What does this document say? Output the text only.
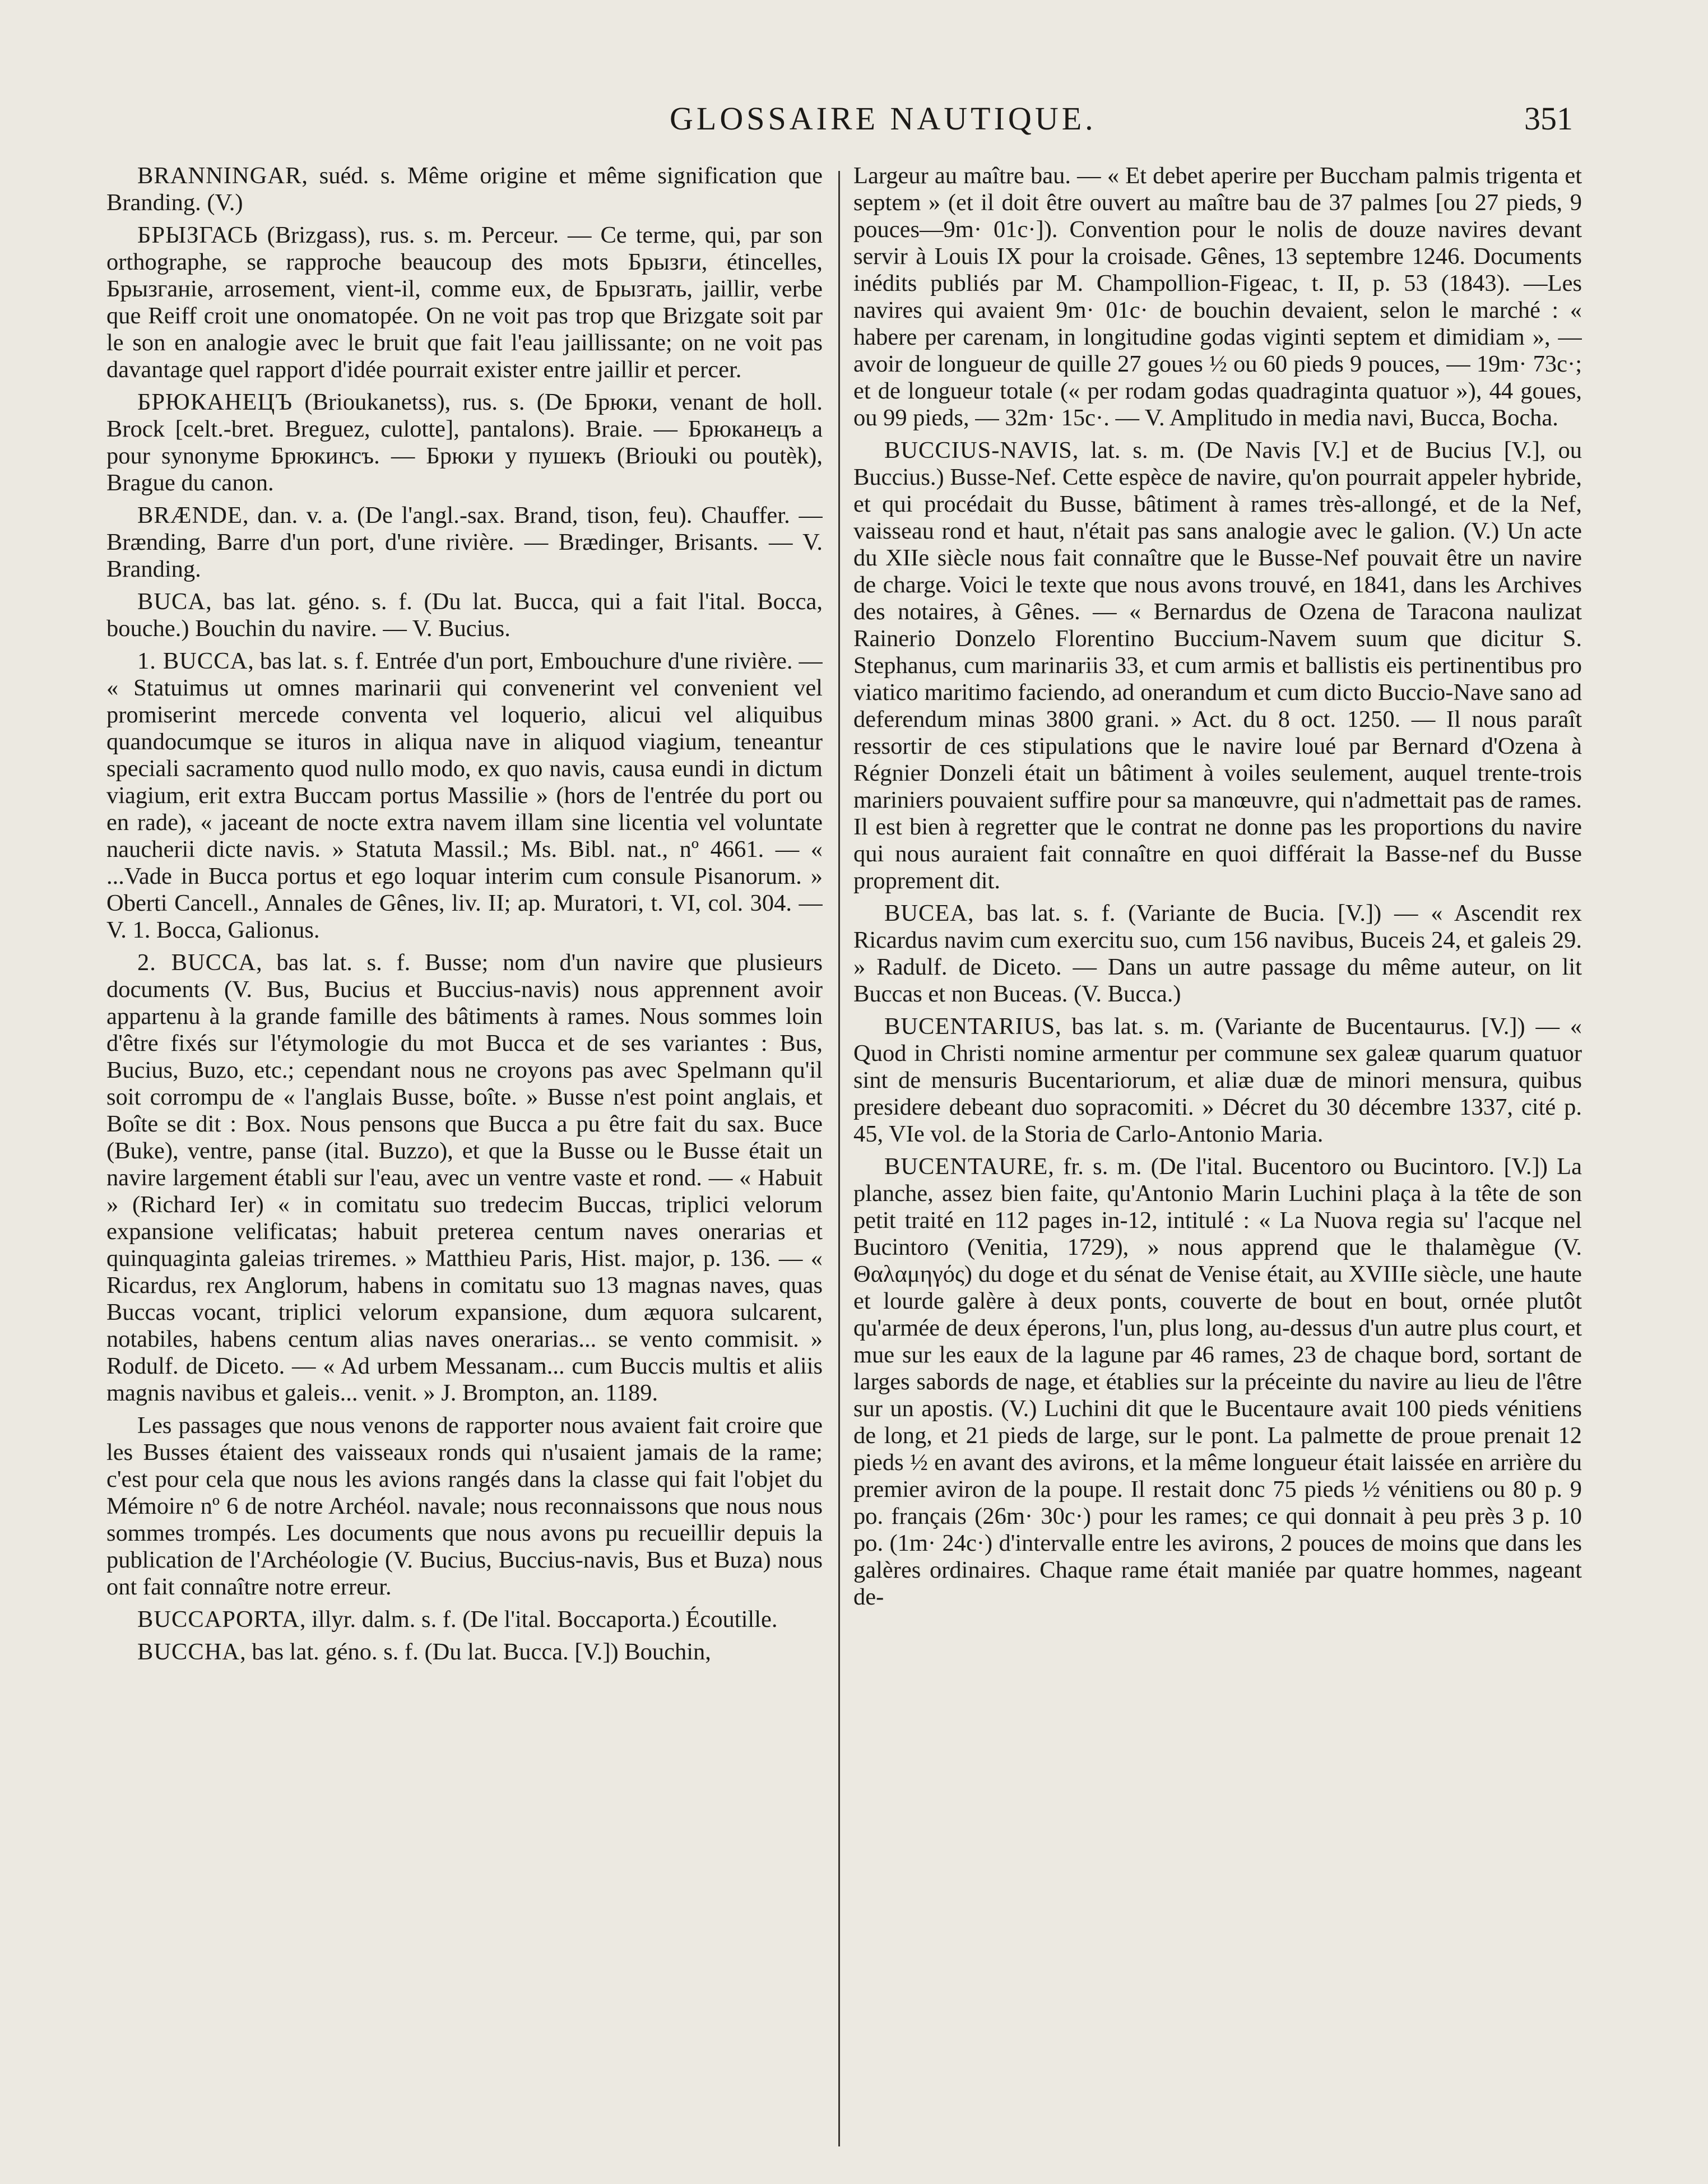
GLOSSAIRE NAUTIQUE.	351

BRANNINGAR, suéd. s. Même origine et même signification que Branding. (V.)

БРЫЗГАСЬ (Brizgass), rus. s. m. Perceur. — Ce terme, qui, par son orthographe, se rapproche beaucoup des mots Брызги, étincelles, Брызганіе, arrosement, vient-il, comme eux, de Брызгать, jaillir, verbe que Reiff croit une onomatopée. On ne voit pas trop que Brizgate soit par le son en analogie avec le bruit que fait l'eau jaillissante; on ne voit pas davantage quel rapport d'idée pourrait exister entre jaillir et percer.

БРЮКАНЕЦЪ (Brioukanetss), rus. s. (De Брюки, venant de holl. Brock [celt.-bret. Breguez, culotte], pantalons). Braie. — Брюканецъ a pour synonyme Брюкинсъ. — Брюки у пушекъ (Briouki ou poutèk), Brague du canon.

BRÆNDE, dan. v. a. (De l'angl.-sax. Brand, tison, feu). Chauffer. — Brænding, Barre d'un port, d'une rivière. — Brædinger, Brisants. — V. Branding.

BUCA, bas lat. géno. s. f. (Du lat. Bucca, qui a fait l'ital. Bocca, bouche.) Bouchin du navire. — V. Bucius.

1. BUCCA, bas lat. s. f. Entrée d'un port, Embouchure d'une rivière. — « Statuimus ut omnes marinarii qui convenerint vel convenient vel promiserint mercede conventa vel loquerio, alicui vel aliquibus quandocumque se ituros in aliqua nave in aliquod viagium, teneantur speciali sacramento quod nullo modo, ex quo navis, causa eundi in dictum viagium, erit extra Buccam portus Massilie » (hors de l'entrée du port ou en rade), « jaceant de nocte extra navem illam sine licentia vel voluntate naucherii dicte navis. » Statuta Massil.; Ms. Bibl. nat., nº 4661. — « ...Vade in Bucca portus et ego loquar interim cum consule Pisanorum. » Oberti Cancell., Annales de Gênes, liv. II; ap. Muratori, t. VI, col. 304. — V. 1. Bocca, Galionus.

2. BUCCA, bas lat. s. f. Busse; nom d'un navire que plusieurs documents (V. Bus, Bucius et Buccius-navis) nous apprennent avoir appartenu à la grande famille des bâtiments à rames. Nous sommes loin d'être fixés sur l'étymologie du mot Bucca et de ses variantes : Bus, Bucius, Buzo, etc.; cependant nous ne croyons pas avec Spelmann qu'il soit corrompu de « l'anglais Busse, boîte. » Busse n'est point anglais, et Boîte se dit : Box. Nous pensons que Bucca a pu être fait du sax. Buce (Buke), ventre, panse (ital. Buzzo), et que la Busse ou le Busse était un navire largement établi sur l'eau, avec un ventre vaste et rond. — « Habuit » (Richard Ier) « in comitatu suo tredecim Buccas, triplici velorum expansione velificatas; habuit preterea centum naves onerarias et quinquaginta galeias triremes. » Matthieu Paris, Hist. major, p. 136. — « Ricardus, rex Anglorum, habens in comitatu suo 13 magnas naves, quas Buccas vocant, triplici velorum expansione, dum æquora sulcarent, notabiles, habens centum alias naves onerarias... se vento commisit. » Rodulf. de Diceto. — « Ad urbem Messanam... cum Buccis multis et aliis magnis navibus et galeis... venit. » J. Brompton, an. 1189.

Les passages que nous venons de rapporter nous avaient fait croire que les Busses étaient des vaisseaux ronds qui n'usaient jamais de la rame; c'est pour cela que nous les avions rangés dans la classe qui fait l'objet du Mémoire nº 6 de notre Archéol. navale; nous reconnaissons que nous nous sommes trompés. Les documents que nous avons pu recueillir depuis la publication de l'Archéologie (V. Bucius, Buccius-navis, Bus et Buza) nous ont fait connaître notre erreur.

BUCCAPORTA, illyr. dalm. s. f. (De l'ital. Boccaporta.) Écoutille.

BUCCHA, bas lat. géno. s. f. (Du lat. Bucca. [V.]) Bouchin,

Largeur au maître bau. — « Et debet aperire per Buccham palmis trigenta et septem » (et il doit être ouvert au maître bau de 37 palmes [ou 27 pieds, 9 pouces—9m· 01c·]). Convention pour le nolis de douze navires devant servir à Louis IX pour la croisade. Gênes, 13 septembre 1246. Documents inédits publiés par M. Champollion-Figeac, t. II, p. 53 (1843). —Les navires qui avaient 9m· 01c· de bouchin devaient, selon le marché : « habere per carenam, in longitudine godas viginti septem et dimidiam », — avoir de longueur de quille 27 goues ½ ou 60 pieds 9 pouces, — 19m· 73c·; et de longueur totale (« per rodam godas quadraginta quatuor »), 44 goues, ou 99 pieds, — 32m· 15c·. — V. Amplitudo in media navi, Bucca, Bocha.

BUCCIUS-NAVIS, lat. s. m. (De Navis [V.] et de Bucius [V.], ou Buccius.) Busse-Nef. Cette espèce de navire, qu'on pourrait appeler hybride, et qui procédait du Busse, bâtiment à rames très-allongé, et de la Nef, vaisseau rond et haut, n'était pas sans analogie avec le galion. (V.) Un acte du XIIe siècle nous fait connaître que le Busse-Nef pouvait être un navire de charge. Voici le texte que nous avons trouvé, en 1841, dans les Archives des notaires, à Gênes. — « Bernardus de Ozena de Taracona naulizat Rainerio Donzelo Florentino Buccium-Navem suum que dicitur S. Stephanus, cum marinariis 33, et cum armis et ballistis eis pertinentibus pro viatico maritimo faciendo, ad onerandum et cum dicto Buccio-Nave sano ad deferendum minas 3800 grani. » Act. du 8 oct. 1250. — Il nous paraît ressortir de ces stipulations que le navire loué par Bernard d'Ozena à Régnier Donzeli était un bâtiment à voiles seulement, auquel trente-trois mariniers pouvaient suffire pour sa manœuvre, qui n'admettait pas de rames. Il est bien à regretter que le contrat ne donne pas les proportions du navire qui nous auraient fait connaître en quoi différait la Basse-nef du Busse proprement dit.

BUCEA, bas lat. s. f. (Variante de Bucia. [V.]) — « Ascendit rex Ricardus navim cum exercitu suo, cum 156 navibus, Buceis 24, et galeis 29. » Radulf. de Diceto. — Dans un autre passage du même auteur, on lit Buccas et non Buceas. (V. Bucca.)

BUCENTARIUS, bas lat. s. m. (Variante de Bucentaurus. [V.]) — « Quod in Christi nomine armentur per commune sex galeæ quarum quatuor sint de mensuris Bucentariorum, et aliæ duæ de minori mensura, quibus presidere debeant duo sopracomiti. » Décret du 30 décembre 1337, cité p. 45, VIe vol. de la Storia de Carlo-Antonio Maria.

BUCENTAURE, fr. s. m. (De l'ital. Bucentoro ou Bucintoro. [V.]) La planche, assez bien faite, qu'Antonio Marin Luchini plaça à la tête de son petit traité en 112 pages in-12, intitulé : « La Nuova regia su' l'acque nel Bucintoro (Venitia, 1729), » nous apprend que le thalamègue (V. Θαλαμηγός) du doge et du sénat de Venise était, au XVIIIe siècle, une haute et lourde galère à deux ponts, couverte de bout en bout, ornée plutôt qu'armée de deux éperons, l'un, plus long, au-dessus d'un autre plus court, et mue sur les eaux de la lagune par 46 rames, 23 de chaque bord, sortant de larges sabords de nage, et établies sur la préceinte du navire au lieu de l'être sur un apostis. (V.) Luchini dit que le Bucentaure avait 100 pieds vénitiens de long, et 21 pieds de large, sur le pont. La palmette de proue prenait 12 pieds ½ en avant des avirons, et la même longueur était laissée en arrière du premier aviron de la poupe. Il restait donc 75 pieds ½ vénitiens ou 80 p. 9 po. français (26m· 30c·) pour les rames; ce qui donnait à peu près 3 p. 10 po. (1m· 24c·) d'intervalle entre les avirons, 2 pouces de moins que dans les galères ordinaires. Chaque rame était maniée par quatre hommes, nageant de-
